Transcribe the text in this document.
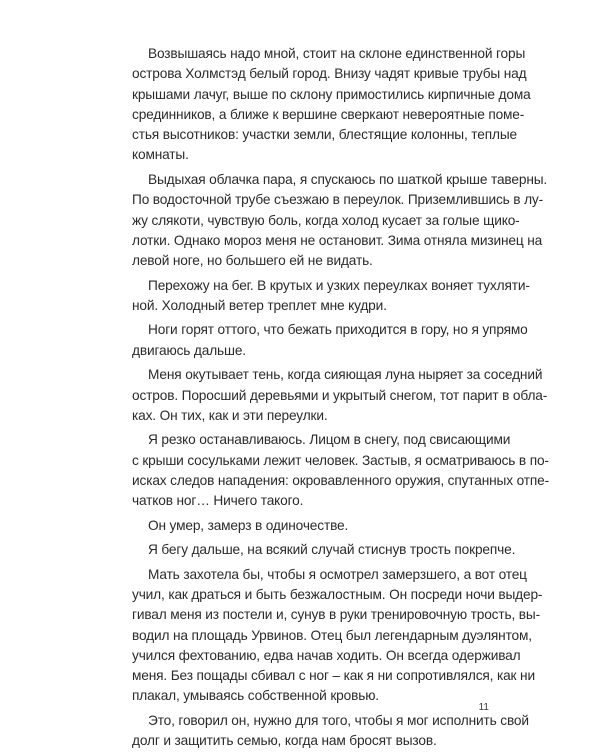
Возвышаясь надо мной, стоит на склоне единственной горы
острова Холмстэд белый город. Внизу чадят кривые трубы над
крышами лачуг, выше по склону примостились кирпичные дома
срединников, а ближе к вершине сверкают невероятные поме-
стья высотников: участки земли, блестящие колонны, теплые
комнаты.
Выдыхая облачка пара, я спускаюсь по шаткой крыше таверны.
По водосточной трубе съезжаю в переулок. Приземлившись в лу-
жу слякоти, чувствую боль, когда холод кусает за голые щико-
лотки. Однако мороз меня не остановит. Зима отняла мизинец на
левой ноге, но большего ей не видать.
Перехожу на бег. В крутых и узких переулках воняет тухляти-
ной. Холодный ветер треплет мне кудри.
Ноги горят оттого, что бежать приходится в гору, но я упрямо
двигаюсь дальше.
Меня окутывает тень, когда сияющая луна ныряет за соседний
остров. Поросший деревьями и укрытый снегом, тот парит в обла-
ках. Он тих, как и эти переулки.
Я резко останавливаюсь. Лицом в снегу, под свисающими
с крыши сосульками лежит человек. Застыв, я осматриваюсь в по-
исках следов нападения: окровавленного оружия, спутанных отпе-
чатков ног… Ничего такого.
Он умер, замерз в одиночестве.
Я бегу дальше, на всякий случай стиснув трость покрепче.
Мать захотела бы, чтобы я осмотрел замерзшего, а вот отец
учил, как драться и быть безжалостным. Он посреди ночи выдер-
гивал меня из постели и, сунув в руки тренировочную трость, вы-
водил на площадь Урвинов. Отец был легендарным дуэлянтом,
учился фехтованию, едва начав ходить. Он всегда одерживал
меня. Без пощады сбивал с ног – как я ни сопротивлялся, как ни
плакал, умываясь собственной кровью.
Это, говорил он, нужно для того, чтобы я мог исполнить свой
долг и защитить семью, когда нам бросят вызов.
11
